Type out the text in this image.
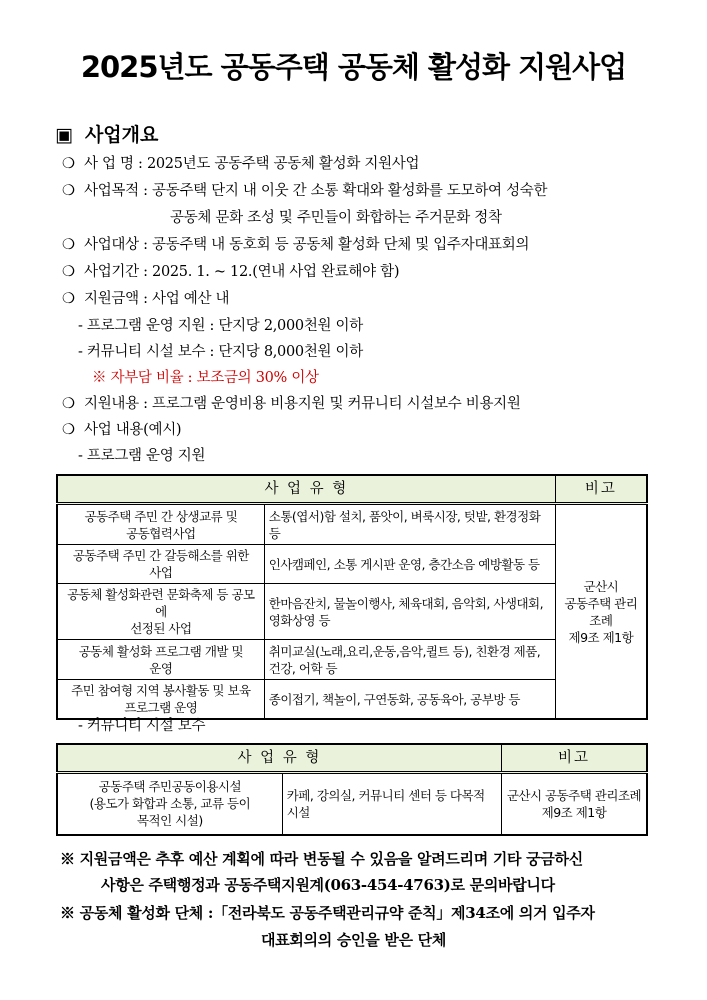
2025년도 공동주택 공동체 활성화 지원사업
▣ 사업개요
❍ 사 업 명 : 2025년도 공동주택 공동체 활성화 지원사업
❍ 사업목적 : 공동주택 단지 내 이웃 간 소통 확대와 활성화를 도모하여 성숙한
공동체 문화 조성 및 주민들이 화합하는 주거문화 정착
❍ 사업대상 : 공동주택 내 동호회 등 공동체 활성화 단체 및 입주자대표회의
❍ 사업기간 : 2025. 1. ~ 12.(연내 사업 완료해야 함)
❍ 지원금액 : 사업 예산 내
- 프로그램 운영 지원 : 단지당 2,000천원 이하
- 커뮤니티 시설 보수 : 단지당 8,000천원 이하
※ 자부담 비율 : 보조금의 30% 이상
❍ 지원내용 : 프로그램 운영비용 비용지원 및 커뮤니티 시설보수 비용지원
❍ 사업 내용(예시)
- 프로그램 운영 지원
사 업 유 형		비고
공동주택 주민 간 상생교류 및
공동협력사업	소통(엽서)함 설치, 품앗이, 벼룩시장, 텃밭, 환경정화 등	군산시
공동주택 관리조례
제9조 제1항
공동주택 주민 간 갈등해소를 위한
사업	인사캠페인, 소통 게시판 운영, 층간소음 예방활동 등	
공동체 활성화관련 문화축제 등 공모에
선정된 사업	한마음잔치, 물놀이행사, 체육대회, 음악회, 사생대회, 영화상영 등	
공동체 활성화 프로그램 개발 및
운영	취미교실(노래,요리,운동,음악,퀼트 등), 친환경 제품, 건강, 어학 등	
주민 참여형 지역 봉사활동 및 보육
프로그램 운영	종이접기, 책놀이, 구연동화, 공동육아, 공부방 등	
- 커뮤니티 시설 보수
사 업 유 형		비고
공동주택 주민공동이용시설
(용도가 화합과 소통, 교류 등이
목적인 시설)	카페, 강의실, 커뮤니티 센터 등 다목적 시설	군산시 공동주택 관리조례
제9조 제1항
※ 지원금액은 추후 예산 계획에 따라 변동될 수 있음을 알려드리며 기타 궁금하신
사항은 주택행정과 공동주택지원계(063-454-4763)로 문의바랍니다
※ 공동체 활성화 단체 :「전라북도 공동주택관리규약 준칙」제34조에 의거 입주자
대표회의의 승인을 받은 단체
